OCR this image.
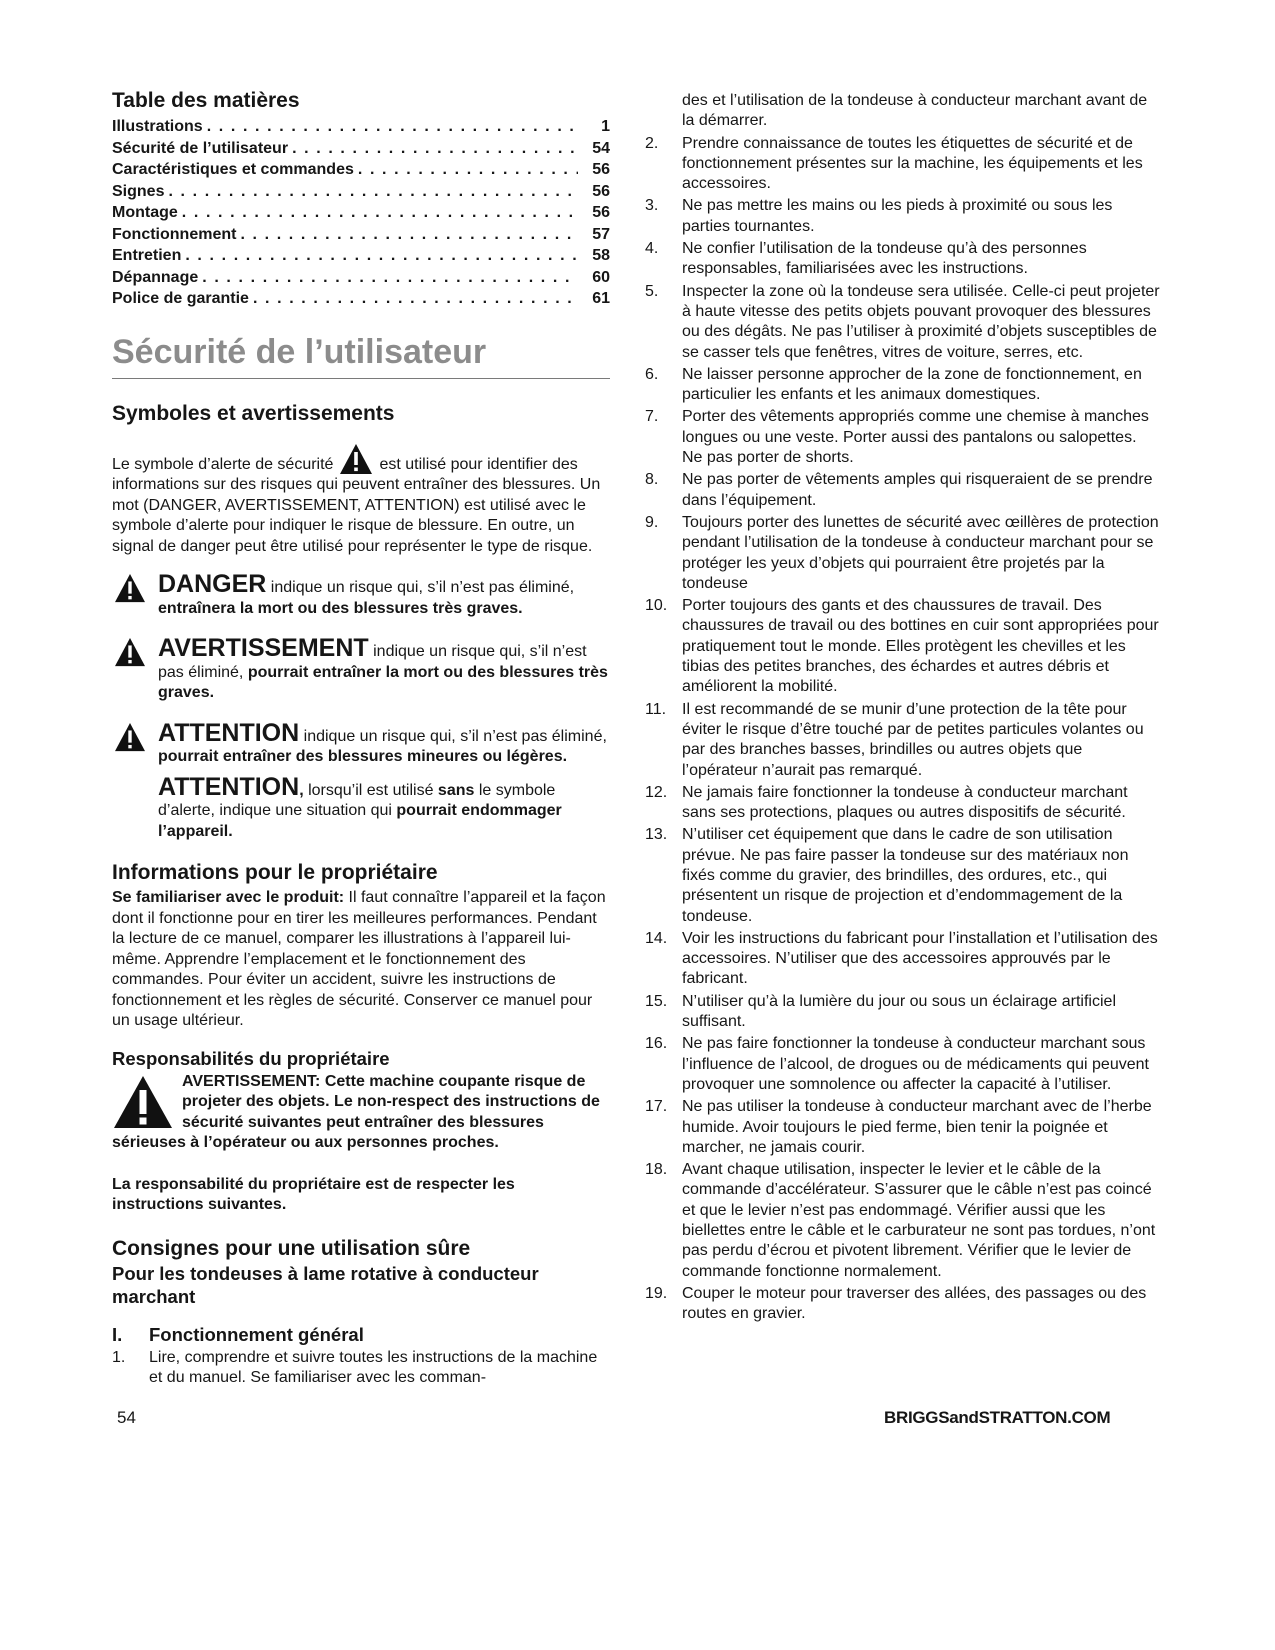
Table des matières
Illustrations . . .	1
Sécurité de l’utilisateur . . .	54
Caractéristiques et commandes . . .	56
Signes . . .	56
Montage . . .	56
Fonctionnement . . .	57
Entretien . . .	58
Dépannage . . .	60
Police de garantie . . .	61
Sécurité de l’utilisateur
Symboles et avertissements
Le symbole d’alerte de sécurité	est utilisé pour identifier des informations sur des risques qui peuvent entraîner des blessures. Un mot (DANGER, AVERTISSEMENT, ATTENTION) est utilisé avec le symbole d’alerte pour indiquer le risque de blessure. En outre, un signal de danger peut être utilisé pour représenter le type de risque.
DANGER indique un risque qui, s’il n’est pas éliminé, entraînera la mort ou des blessures très graves.
AVERTISSEMENT indique un risque qui, s’il n’est pas éliminé, pourrait entraîner la mort ou des blessures très graves.
ATTENTION indique un risque qui, s’il n’est pas éliminé, pourrait entraîner des blessures mineures ou légères.
ATTENTION, lorsqu’il est utilisé sans le symbole d’alerte, indique une situation qui pourrait endommager l’appareil.
Informations pour le propriétaire
Se familiariser avec le produit: Il faut connaître l’appareil et la façon dont il fonctionne pour en tirer les meilleures performances. Pendant la lecture de ce manuel, comparer les illustrations à l’appareil lui-même. Apprendre l’emplacement et le fonctionnement des commandes. Pour éviter un accident, suivre les instructions de fonctionnement et les règles de sécurité. Conserver ce manuel pour un usage ultérieur.
Responsabilités du propriétaire
AVERTISSEMENT: Cette machine coupante risque de projeter des objets. Le non-respect des instructions de sécurité suivantes peut entraîner des blessures sérieuses à l’opérateur ou aux personnes proches.
La responsabilité du propriétaire est de respecter les instructions suivantes.
Consignes pour une utilisation sûre
Pour les tondeuses à lame rotative à conducteur marchant
I. Fonctionnement général
1. Lire, comprendre et suivre toutes les instructions de la machine et du manuel. Se familiariser avec les comman-
des et l’utilisation de la tondeuse à conducteur marchant avant de la démarrer.
2. Prendre connaissance de toutes les étiquettes de sécurité et de fonctionnement présentes sur la machine, les équipements et les accessoires.
3. Ne pas mettre les mains ou les pieds à proximité ou sous les parties tournantes.
4. Ne confier l’utilisation de la tondeuse qu’à des personnes responsables, familiarisées avec les instructions.
5. Inspecter la zone où la tondeuse sera utilisée. Celle-ci peut projeter à haute vitesse des petits objets pouvant provoquer des blessures ou des dégâts. Ne pas l’utiliser à proximité d’objets susceptibles de se casser tels que fenêtres, vitres de voiture, serres, etc.
6. Ne laisser personne approcher de la zone de fonctionnement, en particulier les enfants et les animaux domestiques.
7. Porter des vêtements appropriés comme une chemise à manches longues ou une veste. Porter aussi des pantalons ou salopettes. Ne pas porter de shorts.
8. Ne pas porter de vêtements amples qui risqueraient de se prendre dans l’équipement.
9. Toujours porter des lunettes de sécurité avec œillères de protection pendant l’utilisation de la tondeuse à conducteur marchant pour se protéger les yeux d’objets qui pourraient être projetés par la tondeuse
10. Porter toujours des gants et des chaussures de travail. Des chaussures de travail ou des bottines en cuir sont appropriées pour pratiquement tout le monde. Elles protègent les chevilles et les tibias des petites branches, des échardes et autres débris et améliorent la mobilité.
11. Il est recommandé de se munir d’une protection de la tête pour éviter le risque d’être touché par de petites particules volantes ou par des branches basses, brindilles ou autres objets que l’opérateur n’aurait pas remarqué.
12. Ne jamais faire fonctionner la tondeuse à conducteur marchant sans ses protections, plaques ou autres dispositifs de sécurité.
13. N’utiliser cet équipement que dans le cadre de son utilisation prévue. Ne pas faire passer la tondeuse sur des matériaux non fixés comme du gravier, des brindilles, des ordures, etc., qui présentent un risque de projection et d’endommagement de la tondeuse.
14. Voir les instructions du fabricant pour l’installation et l’utilisation des accessoires. N’utiliser que des accessoires approuvés par le fabricant.
15. N’utiliser qu’à la lumière du jour ou sous un éclairage artificiel suffisant.
16. Ne pas faire fonctionner la tondeuse à conducteur marchant sous l’influence de l’alcool, de drogues ou de médicaments qui peuvent provoquer une somnolence ou affecter la capacité à l’utiliser.
17. Ne pas utiliser la tondeuse à conducteur marchant avec de l’herbe humide. Avoir toujours le pied ferme, bien tenir la poignée et marcher, ne jamais courir.
18. Avant chaque utilisation, inspecter le levier et le câble de la commande d’accélérateur. S’assurer que le câble n’est pas coincé et que le levier n’est pas endommagé. Vérifier aussi que les biellettes entre le câble et le carburateur ne sont pas tordues, n’ont pas perdu d’écrou et pivotent librement. Vérifier que le levier de commande fonctionne normalement.
19. Couper le moteur pour traverser des allées, des passages ou des routes en gravier.
54	BRIGGSandSTRATTON.COM
